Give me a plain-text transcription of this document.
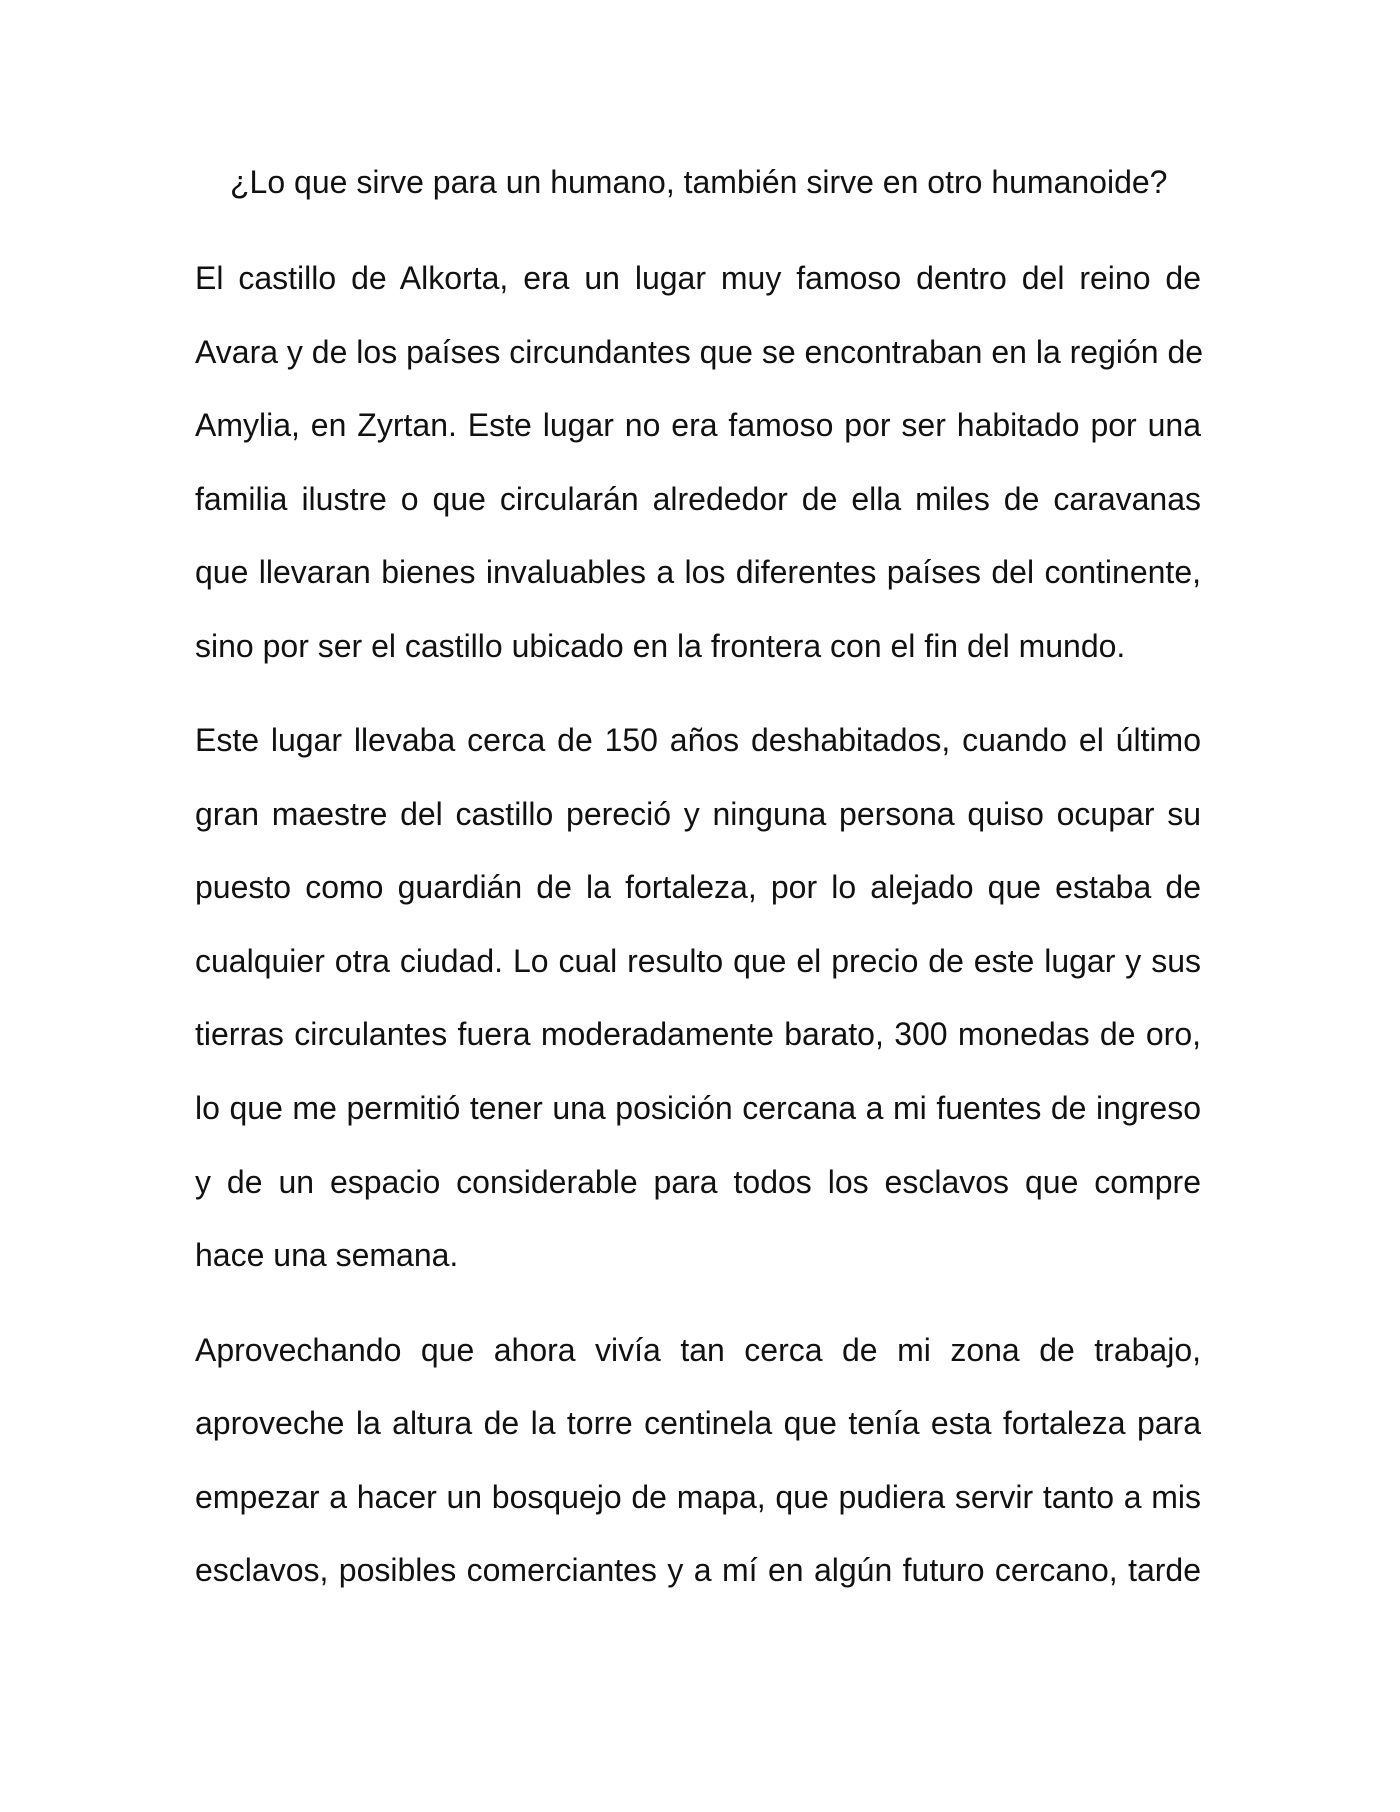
¿Lo que sirve para un humano, también sirve en otro humanoide?

El castillo de Alkorta, era un lugar muy famoso dentro del reino de

Avara y de los países circundantes que se encontraban en la región de

Amylia, en Zyrtan. Este lugar no era famoso por ser habitado por una

familia ilustre o que circularán alrededor de ella miles de caravanas

que llevaran bienes invaluables a los diferentes países del continente,

sino por ser el castillo ubicado en la frontera con el fin del mundo.

Este lugar llevaba cerca de 150 años deshabitados, cuando el último

gran maestre del castillo pereció y ninguna persona quiso ocupar su

puesto como guardián de la fortaleza, por lo alejado que estaba de

cualquier otra ciudad. Lo cual resulto que el precio de este lugar y sus

tierras circulantes fuera moderadamente barato, 300 monedas de oro,

lo que me permitió tener una posición cercana a mi fuentes de ingreso

y de un espacio considerable para todos los esclavos que compre

hace una semana.

Aprovechando que ahora vivía tan cerca de mi zona de trabajo,

aproveche la altura de la torre centinela que tenía esta fortaleza para

empezar a hacer un bosquejo de mapa, que pudiera servir tanto a mis

esclavos, posibles comerciantes y a mí en algún futuro cercano, tarde
